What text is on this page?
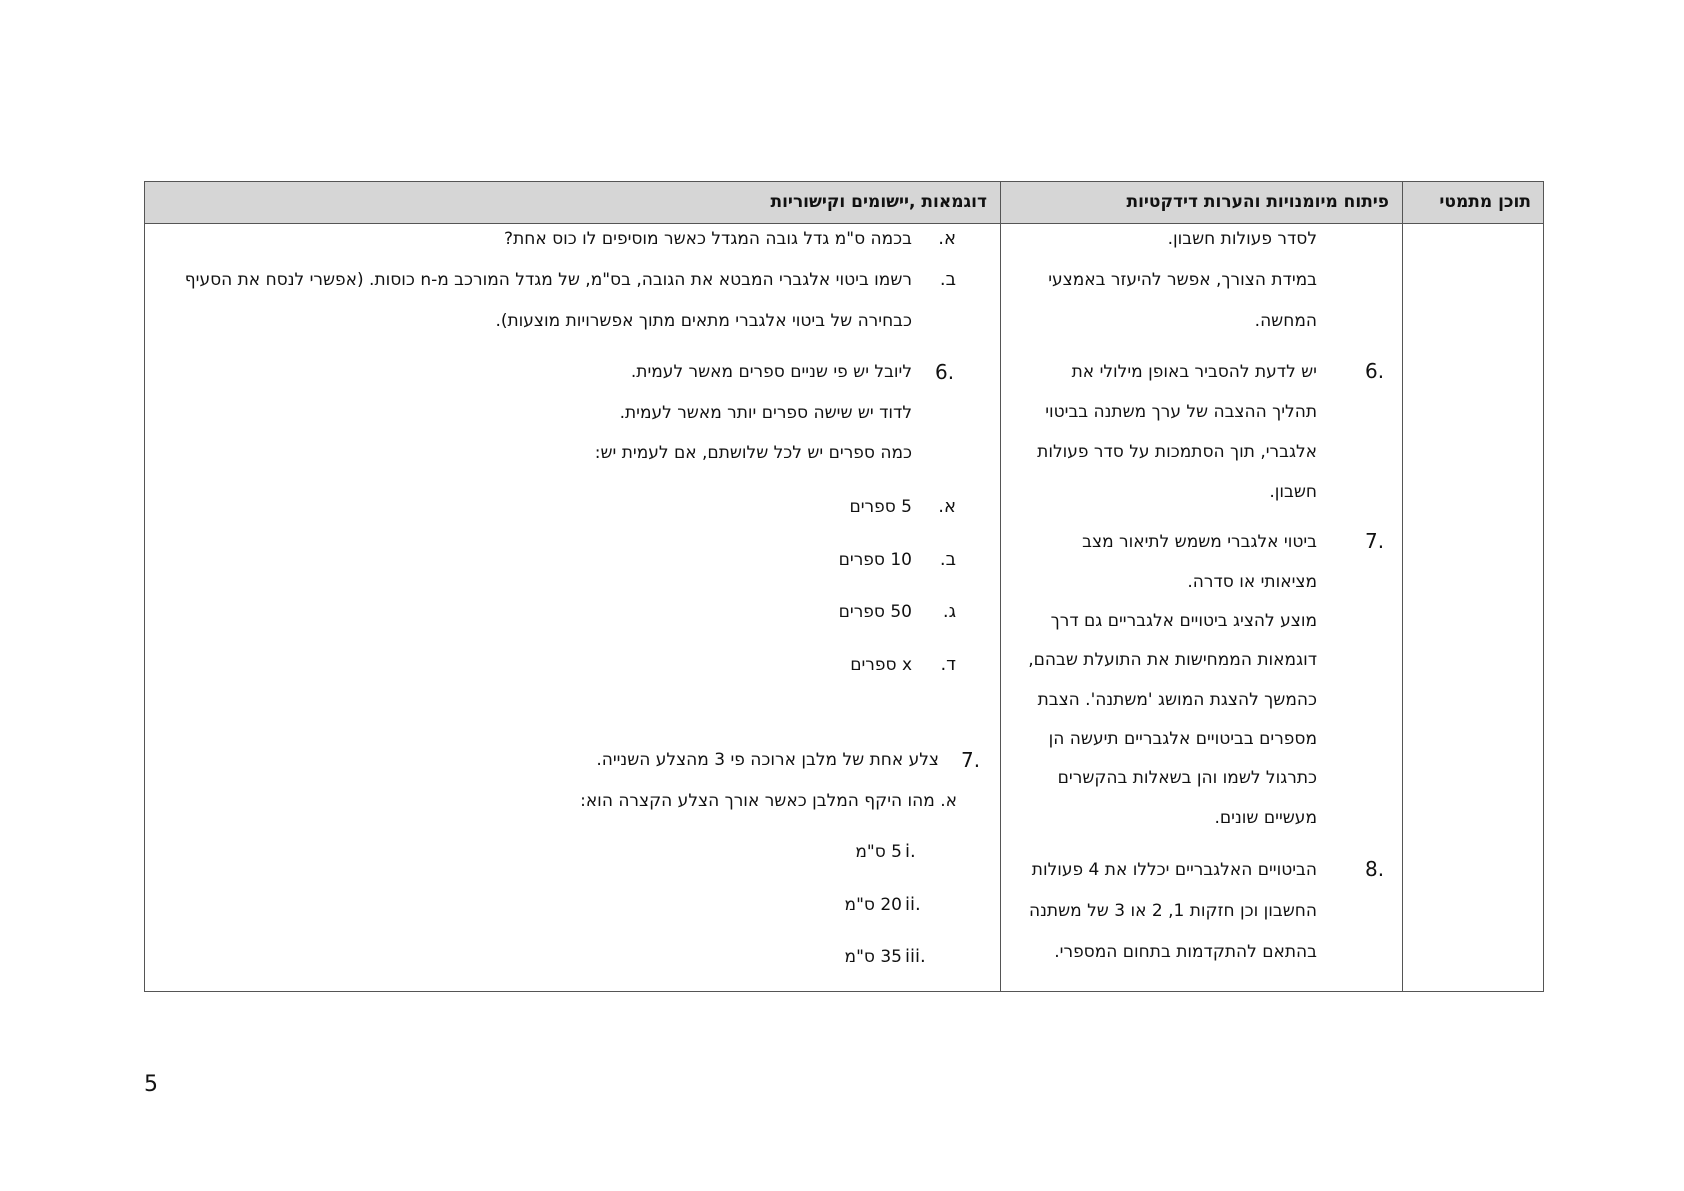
תוכן מתמטי
פיתוח מיומנויות והערות דידקטיות
דוגמאות ,יישומים וקישוריות
לסדר פעולות חשבון.
במידת הצורך, אפשר להיעזר באמצעי
המחשה.
6.
יש לדעת להסביר באופן מילולי את
תהליך ההצבה של ערך משתנה בביטוי
אלגברי, תוך הסתמכות על סדר פעולות
חשבון.
7.
ביטוי אלגברי משמש לתיאור מצב
מציאותי או סדרה.
מוצע להציג ביטויים אלגבריים גם דרך
דוגמאות הממחישות את התועלת שבהם,
כהמשך להצגת המושג 'משתנה'. הצבת
מספרים בביטויים אלגבריים תיעשה הן
כתרגול לשמו והן בשאלות בהקשרים
מעשיים שונים.
8.
הביטויים האלגבריים יכללו את 4 פעולות
החשבון וכן חזקות 1, 2 או 3 של משתנה
בהתאם להתקדמות בתחום המספרי.
א.
בכמה ס"מ גדל גובה המגדל כאשר מוסיפים לו כוס אחת?
ב.
רשמו ביטוי אלגברי המבטא את הגובה, בס"מ, של מגדל המורכב מ-n כוסות. (אפשרי לנסח את הסעיף
כבחירה של ביטוי אלגברי מתאים מתוך אפשרויות מוצעות).
6.
ליובל יש פי שניים ספרים מאשר לעמית.
לדוד יש שישה ספרים יותר מאשר לעמית.
כמה ספרים יש לכל שלושתם, אם לעמית יש:
א.
5 ספרים
ב.
10 ספרים
ג.
50 ספרים
ד.
x ספרים
7.
צלע אחת של מלבן ארוכה פי 3 מהצלע השנייה.
א. מהו היקף המלבן כאשר אורך הצלע הקצרה הוא:
.i
5 ס"מ
.ii
20 ס"מ
.iii
35 ס"מ
5
